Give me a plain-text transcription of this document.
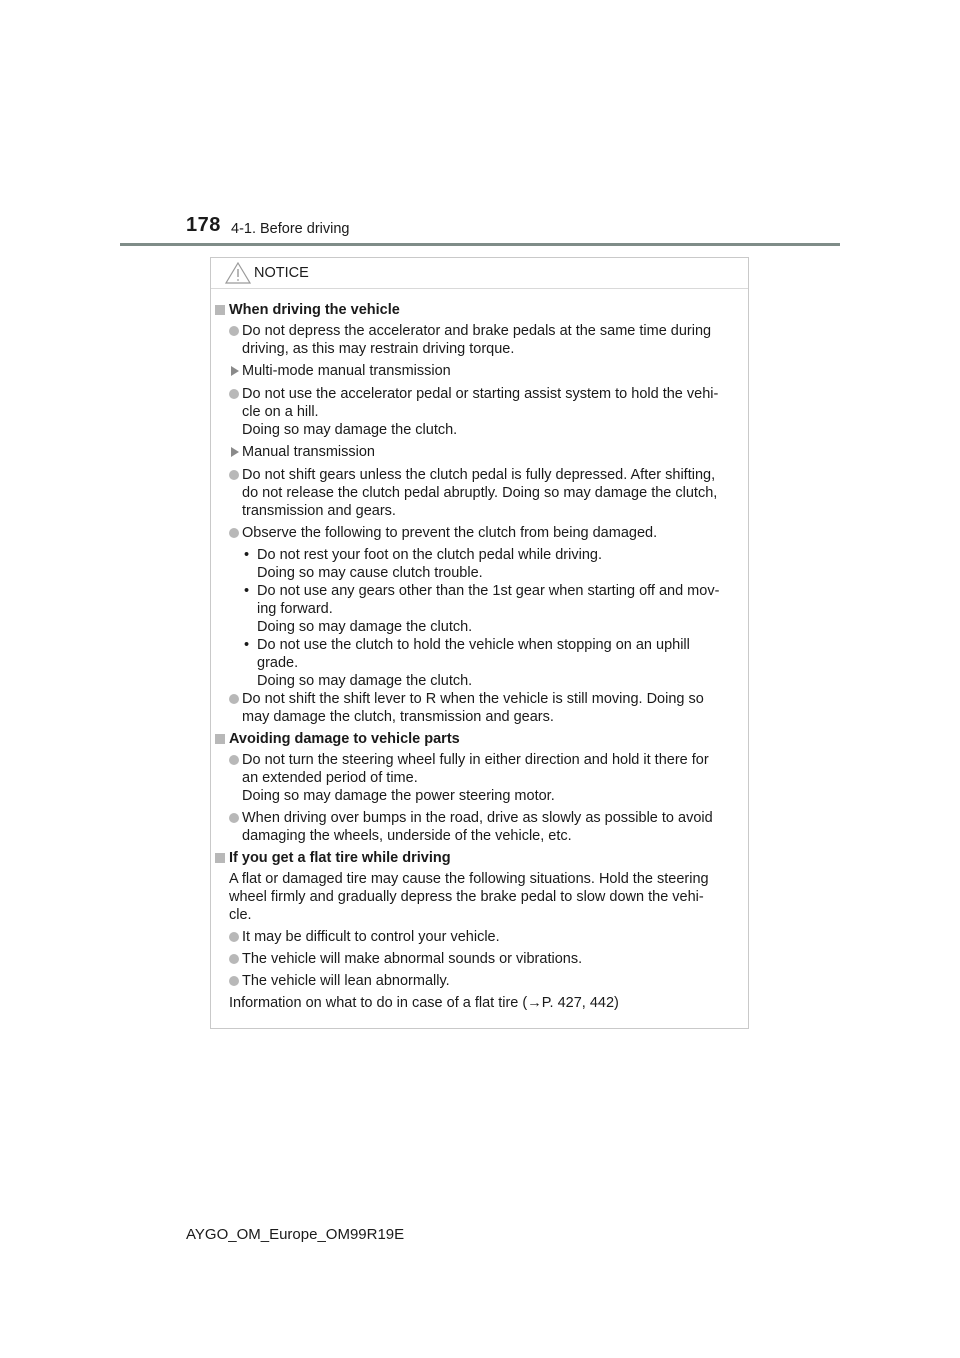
178 4-1. Before driving
NOTICE
When driving the vehicle
Do not depress the accelerator and brake pedals at the same time during
driving, as this may restrain driving torque.
Multi-mode manual transmission
Do not use the accelerator pedal or starting assist system to hold the vehi-
cle on a hill.
Doing so may damage the clutch.
Manual transmission
Do not shift gears unless the clutch pedal is fully depressed. After shifting,
do not release the clutch pedal abruptly. Doing so may damage the clutch,
transmission and gears.
Observe the following to prevent the clutch from being damaged.
• Do not rest your foot on the clutch pedal while driving.
Doing so may cause clutch trouble.
• Do not use any gears other than the 1st gear when starting off and mov-
ing forward.
Doing so may damage the clutch.
• Do not use the clutch to hold the vehicle when stopping on an uphill
grade.
Doing so may damage the clutch.
Do not shift the shift lever to R when the vehicle is still moving. Doing so
may damage the clutch, transmission and gears.
Avoiding damage to vehicle parts
Do not turn the steering wheel fully in either direction and hold it there for
an extended period of time.
Doing so may damage the power steering motor.
When driving over bumps in the road, drive as slowly as possible to avoid
damaging the wheels, underside of the vehicle, etc.
If you get a flat tire while driving
A flat or damaged tire may cause the following situations. Hold the steering
wheel firmly and gradually depress the brake pedal to slow down the vehi-
cle.
It may be difficult to control your vehicle.
The vehicle will make abnormal sounds or vibrations.
The vehicle will lean abnormally.
Information on what to do in case of a flat tire (→P. 427, 442)
AYGO_OM_Europe_OM99R19E
